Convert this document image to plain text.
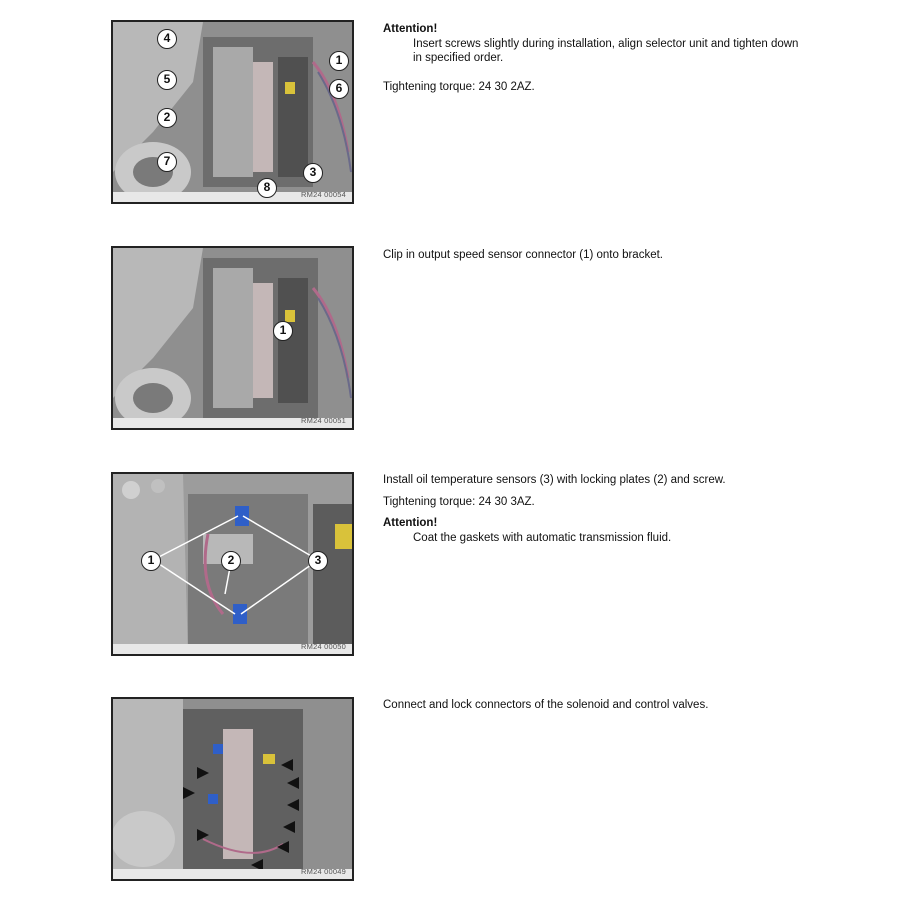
4
5
2
7
8
1
6
3
RM24 00054
Attention!
Insert screws slightly during installation, align selector unit and tighten down in specified order.
Tightening torque: 24 30 2AZ.
1
RM24 00051
Clip in output speed sensor connector (1) onto bracket.
1	2	3
RM24 00050
Install oil temperature sensors (3) with locking plates (2) and screw.
Tightening torque: 24 30 3AZ.
Attention!
Coat the gaskets with automatic transmission fluid.
RM24 00049
Connect and lock connectors of the solenoid and control valves.
